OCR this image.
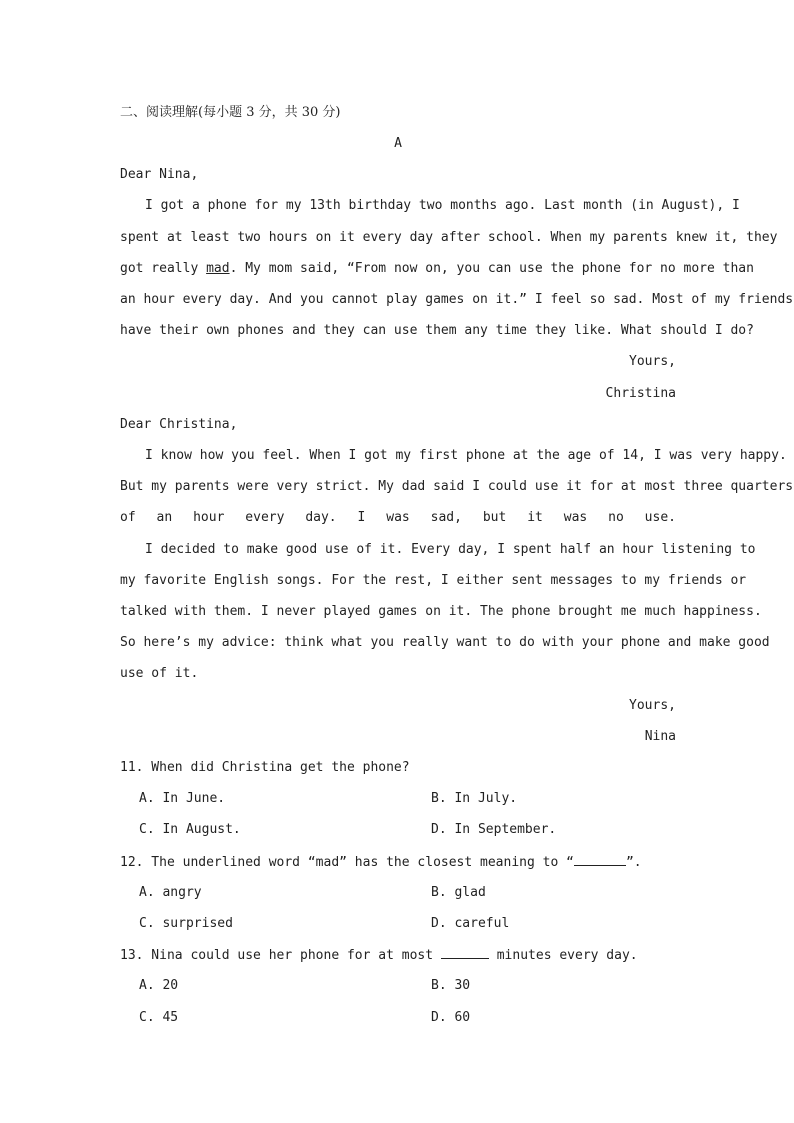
二、阅读理解(每小题 3 分，共 30 分)
A
Dear Nina,
I got a phone for my 13th birthday two months ago. Last month (in August), I
spent at least two hours on it every day after school. When my parents knew it, they
got really mad. My mom said, “From now on, you can use the phone for no more than
an hour every day. And you cannot play games on it.” I feel so sad. Most of my friends
have their own phones and they can use them any time they like. What should I do?
Yours,
Christina
Dear Christina,
I know how you feel. When I got my first phone at the age of 14, I was very happy.
But my parents were very strict. My dad said I could use it for at most three quarters
of an hour every day. I was sad, but it was no use.
I decided to make good use of it. Every day, I spent half an hour listening to
my favorite English songs. For the rest, I either sent messages to my friends or
talked with them. I never played games on it. The phone brought me much happiness.
So here’s my advice: think what you really want to do with your phone and make good
use of it.
Yours,
Nina
11. When did Christina get the phone?
A. In June.	B. In July.
C. In August.	D. In September.
12. The underlined word “mad” has the closest meaning to “	”.
A. angry	B. glad
C. surprised	D. careful
13. Nina could use her phone for at most	minutes every day.
A. 20	B. 30
C. 45	D. 60
